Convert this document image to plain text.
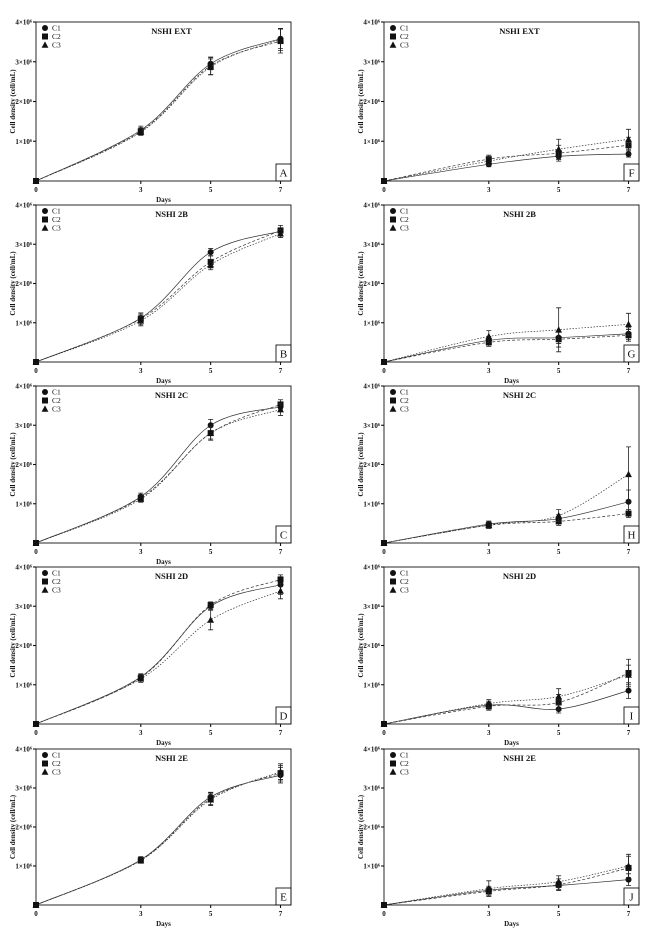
1×10⁶
2×10⁶
3×10⁶
4×10⁶
0	3	5	7
Days
Cell density (cell/mL)
NSHI EXT
A
C1
C2
C3
1×10⁶
2×10⁶
3×10⁶
4×10⁶
0	3	5	7
Days
Cell density (cell/mL)
NSHI 2B
B
C1
C2
C3
1×10⁶
2×10⁶
3×10⁶
4×10⁶
0	3	5	7
Days
Cell density (cell/mL)
NSHI 2C
C
C1
C2
C3
1×10⁶
2×10⁶
3×10⁶
4×10⁶
0	3	5	7
Days
Cell density (cell/mL)
NSHI 2D
D
C1
C2
C3
1×10⁶
2×10⁶
3×10⁶
4×10⁶
0	3	5	7
Days
Cell density (cell/mL)
NSHI 2E
E
C1
C2
C3
1×10⁶
2×10⁶
3×10⁶
4×10⁶
0	3	5	7
Cell density (cell/mL)
NSHI EXT
F
C1
C2
C3
1×10⁶
2×10⁶
3×10⁶
4×10⁶
0	3	5	7
Days
Cell density (cell/mL)
NSHI 2B
G
C1
C2
C3
1×10⁶
2×10⁶
3×10⁶
4×10⁶
0	3	5	7
Cell density (cell/mL)
NSHI 2C
H
C1
C2
C3
1×10⁶
2×10⁶
3×10⁶
4×10⁶
0	3	5	7
Days
Cell density (cell/mL)
NSHI 2D
I
C1
C2
C3
1×10⁶
2×10⁶
3×10⁶
4×10⁶
0	3	5	7
Days
Cell density (cell/mL)
NSHI 2E
J
C1
C2
C3
